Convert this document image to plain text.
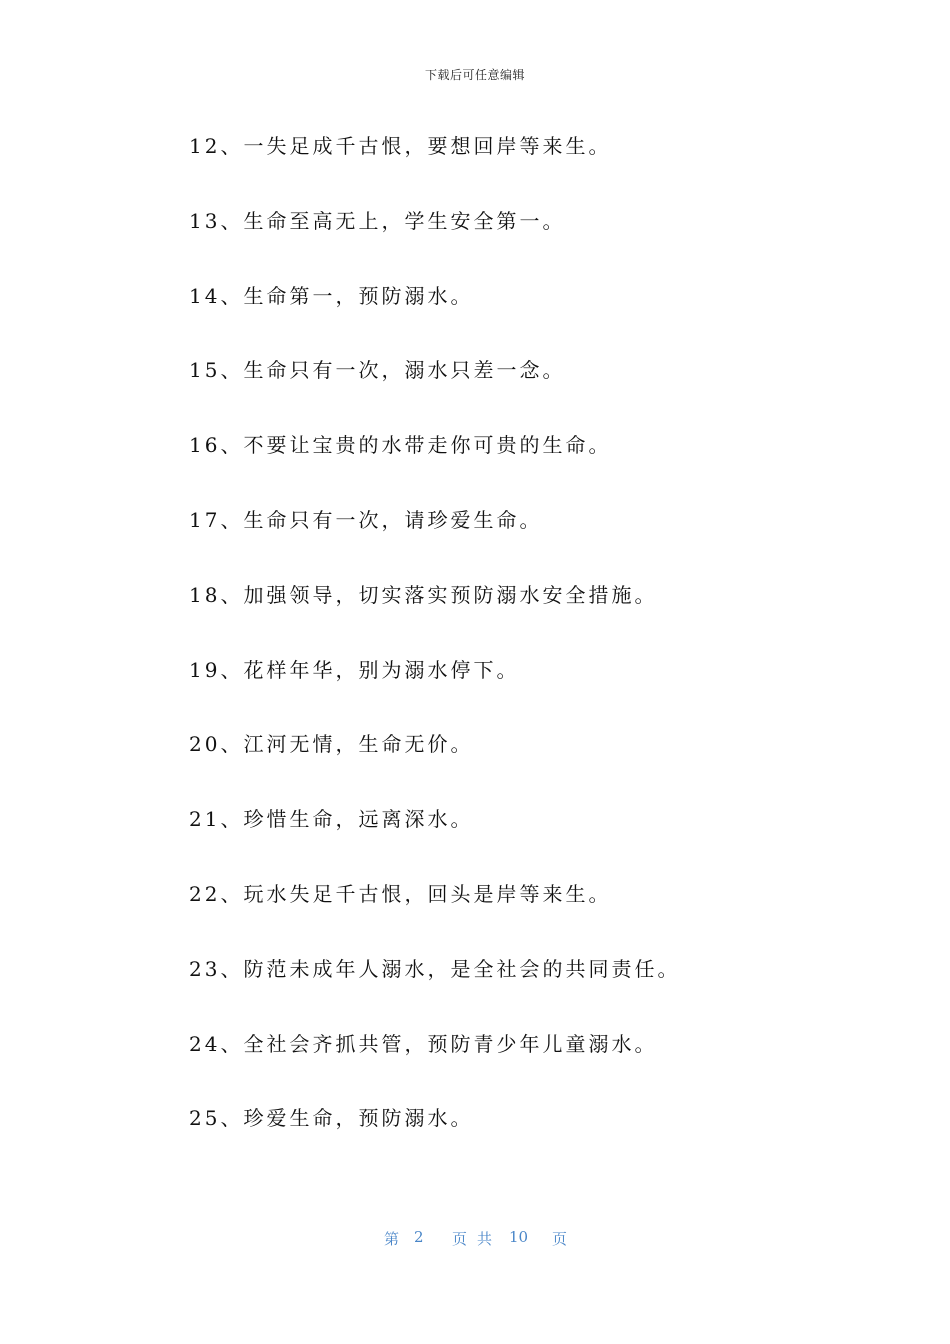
下载后可任意编辑
12、一失足成千古恨，要想回岸等来生。
13、生命至高无上，学生安全第一。
14、生命第一，预防溺水。
15、生命只有一次，溺水只差一念。
16、不要让宝贵的水带走你可贵的生命。
17、生命只有一次，请珍爱生命。
18、加强领导，切实落实预防溺水安全措施。
19、花样年华，别为溺水停下。
20、江河无情，生命无价。
21、珍惜生命，远离深水。
22、玩水失足千古恨，回头是岸等来生。
23、防范未成年人溺水，是全社会的共同责任。
24、全社会齐抓共管，预防青少年儿童溺水。
25、珍爱生命，预防溺水。
第 2 页 共 10 页
